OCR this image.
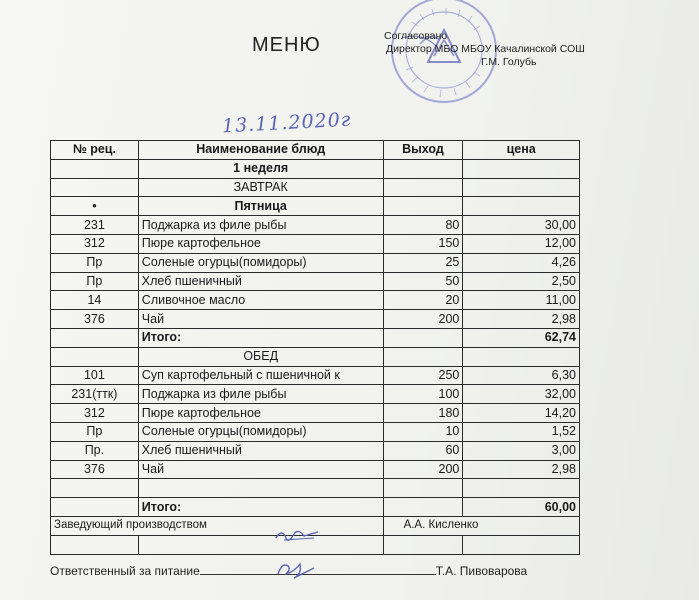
МЕНЮ	Согласовано
Директор МБО МБОУ Качалинской СОШ
Г.М. Голубь
13.11.2020г
№ рец.	Наименование блюд	Выход	цена
	1 неделя		
	ЗАВТРАК		
•	Пятница		
231	Поджарка из филе рыбы	80	30,00
312	Пюре картофельное	150	12,00
Пр	Соленые огурцы(помидоры)	25	4,26
Пр	Хлеб пшеничный	50	2,50
14	Сливочное масло	20	11,00
376	Чай	200	2,98
	Итого:		62,74
	ОБЕД		
101	Суп картофельный с пшеничной к	250	6,30
231(ттк)	Поджарка из филе рыбы	100	32,00
312	Пюре картофельное	180	14,20
Пр	Соленые огурцы(помидоры)	10	1,52
Пр.	Хлеб пшеничный	60	3,00
376	Чай	200	2,98

	Итого:		60,00
Заведующий производством		А.А. Кисленко	

Ответственный за питание	Т.А. Пивоварова
